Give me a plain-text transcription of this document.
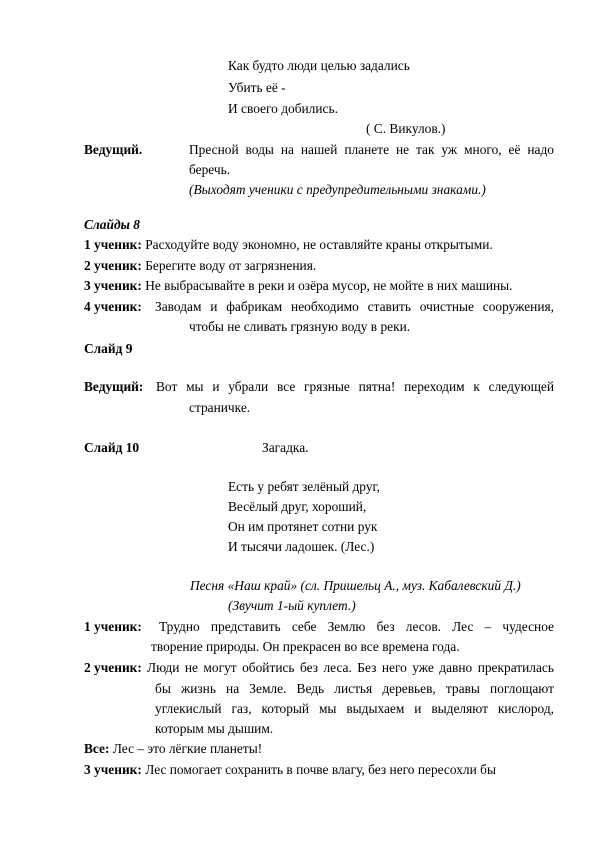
Как будто люди целью задались
Убить её -
И своего добились.
( С. Викулов.)
Ведущий.	Пресной воды на нашей планете не так уж много, её надо
беречь.
(Выходят ученики с предупредительными знаками.)
Слайды 8
1 ученик: Расходуйте воду экономно, не оставляйте краны открытыми.
2 ученик: Берегите воду от загрязнения.
3 ученик: Не выбрасывайте в реки и озёра мусор, не мойте в них машины.
4 ученик: Заводам и фабрикам необходимо ставить очистные сооружения,
чтобы не сливать грязную воду в реки.
Слайд 9
Ведущий: Вот мы и убрали все грязные пятна! переходим к следующей
страничке.
Слайд 10	Загадка.
Есть у ребят зелёный друг,
Весёлый друг, хороший,
Он им протянет сотни рук
И тысячи ладошек. (Лес.)
Песня «Наш край» (сл. Пришельц А., муз. Кабалевский Д.)
(Звучит 1-ый куплет.)
1 ученик: Трудно представить себе Землю без лесов. Лес – чудесное
творение природы. Он прекрасен во все времена года.
2 ученик: Люди не могут обойтись без леса. Без него уже давно прекратилась
бы жизнь на Земле. Ведь листья деревьев, травы поглощают
углекислый газ, который мы выдыхаем и выделяют кислород,
которым мы дышим.
Все: Лес – это лёгкие планеты!
3 ученик: Лес помогает сохранить в почве влагу, без него пересохли бы
